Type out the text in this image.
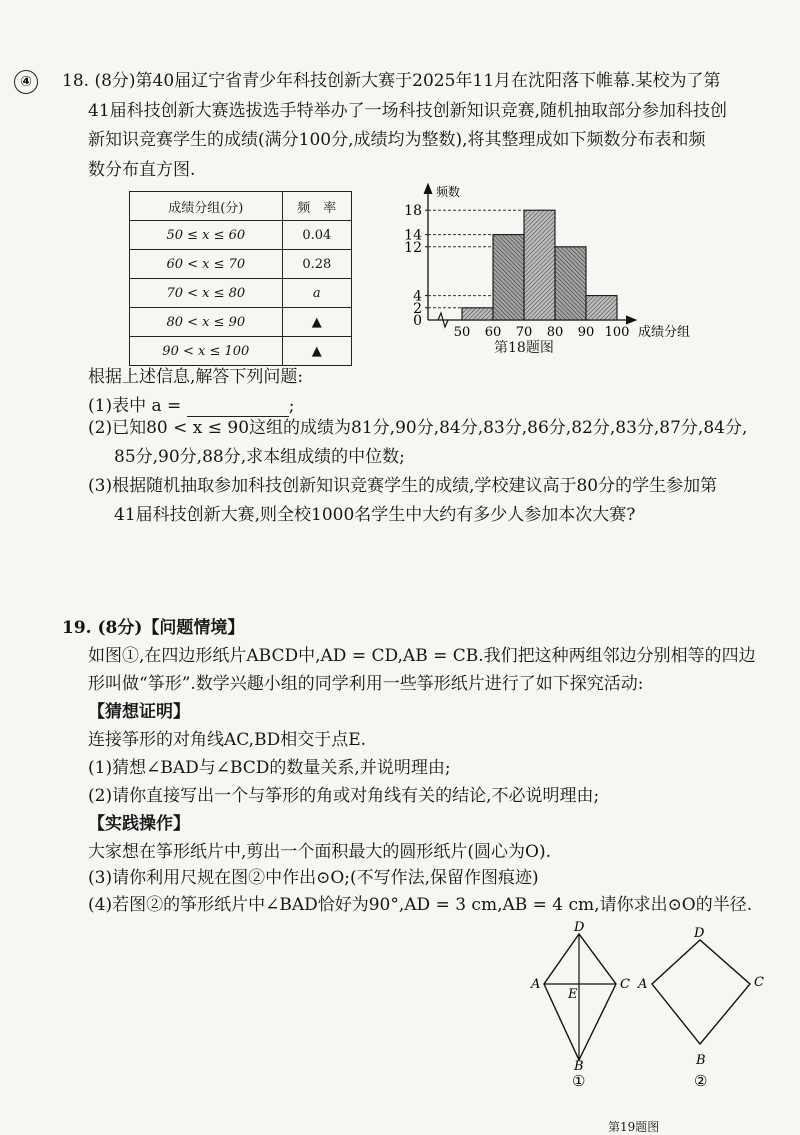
④	18. (8分)第40届辽宁省青少年科技创新大赛于2025年11月在沈阳落下帷幕.某校为了第
41届科技创新大赛选拔选手特举办了一场科技创新知识竞赛,随机抽取部分参加科技创
新知识竞赛学生的成绩(满分100分,成绩均为整数),将其整理成如下频数分布表和频
数分布直方图.
成绩分组(分)	频　率
50 ≤ x ≤ 60	0.04
60 < x ≤ 70	0.28
70 < x ≤ 80	a
80 < x ≤ 90	▲
90 < x ≤ 100	▲
0
2
4
12
14
18
50 60 70 80 90 100
频数
成绩分组
第18题图
根据上述信息,解答下列问题:
(1)表中 a =	;
(2)已知80 < x ≤ 90这组的成绩为81分,90分,84分,83分,86分,82分,83分,87分,84分,
85分,90分,88分,求本组成绩的中位数;
(3)根据随机抽取参加科技创新知识竞赛学生的成绩,学校建议高于80分的学生参加第
41届科技创新大赛,则全校1000名学生中大约有多少人参加本次大赛?
19. (8分)【问题情境】
如图①,在四边形纸片ABCD中,AD = CD,AB = CB.我们把这种两组邻边分别相等的四边
形叫做“筝形”.数学兴趣小组的同学利用一些筝形纸片进行了如下探究活动:
【猜想证明】
连接筝形的对角线AC,BD相交于点E.
(1)猜想∠BAD与∠BCD的数量关系,并说明理由;
(2)请你直接写出一个与筝形的角或对角线有关的结论,不必说明理由;
【实践操作】
大家想在筝形纸片中,剪出一个面积最大的圆形纸片(圆心为O).
(3)请你利用尺规在图②中作出⊙O;(不写作法,保留作图痕迹)
(4)若图②的筝形纸片中∠BAD恰好为90°,AD = 3 cm,AB = 4 cm,请你求出⊙O的半径.
D
A	C
E
B
①
D
A	C
B
②
第19题图
